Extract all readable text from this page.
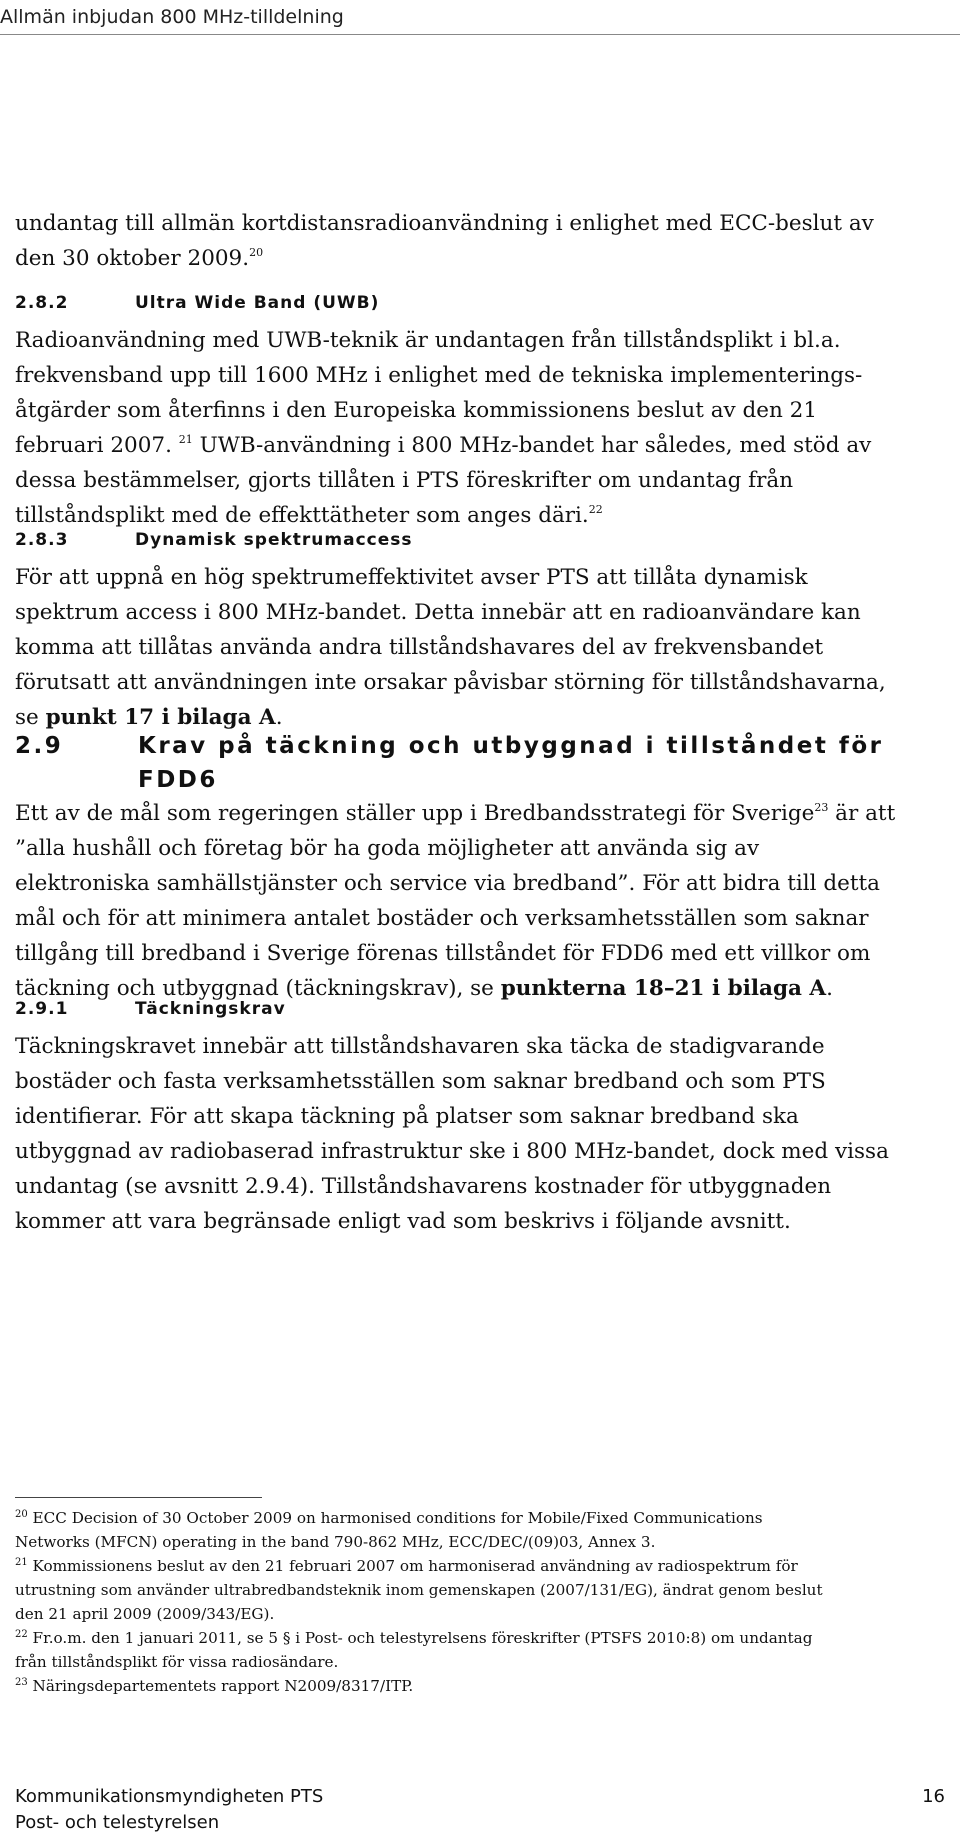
Allmän inbjudan 800 MHz-tilldelning
undantag till allmän kortdistansradioanvändning i enlighet med ECC-beslut av
den 30 oktober 2009.20
2.8.2	Ultra Wide Band (UWB)
Radioanvändning med UWB-teknik är undantagen från tillståndsplikt i bl.a.
frekvensband upp till 1600 MHz i enlighet med de tekniska implementerings-
åtgärder som återfinns i den Europeiska kommissionens beslut av den 21
februari 2007. $^{21}$ UWB-användning i 800 MHz-bandet har således, med stöd av
dessa bestämmelser, gjorts tillåten i PTS föreskrifter om undantag från
tillståndsplikt med de effekttätheter som anges däri.$^{22}$
2.8.3	Dynamisk spektrumaccess
För att uppnå en hög spektrumeffektivitet avser PTS att tillåta dynamisk
spektrum access i 800 MHz-bandet. Detta innebär att en radioanvändare kan
komma att tillåtas använda andra tillståndshavares del av frekvensbandet
förutsatt att användningen inte orsakar påvisbar störning för tillståndshavarna,
se punkt 17 i bilaga A.
2.9	Krav på täckning och utbyggnad i tillståndet för
FDD6
Ett av de mål som regeringen ställer upp i Bredbandsstrategi för Sverige$^{23}$ är att
”alla hushåll och företag bör ha goda möjligheter att använda sig av
elektroniska samhällstjänster och service via bredband”. För att bidra till detta
mål och för att minimera antalet bostäder och verksamhetsställen som saknar
tillgång till bredband i Sverige förenas tillståndet för FDD6 med ett villkor om
täckning och utbyggnad (täckningskrav), se punkterna 18–21 i bilaga A.
2.9.1	Täckningskrav
Täckningskravet innebär att tillståndshavaren ska täcka de stadigvarande
bostäder och fasta verksamhetsställen som saknar bredband och som PTS
identifierar. För att skapa täckning på platser som saknar bredband ska
utbyggnad av radiobaserad infrastruktur ske i 800 MHz-bandet, dock med vissa
undantag (se avsnitt 2.9.4). Tillståndshavarens kostnader för utbyggnaden
kommer att vara begränsade enligt vad som beskrivs i följande avsnitt.
$^{20}$ ECC Decision of 30 October 2009 on harmonised conditions for Mobile/Fixed Communications
Networks (MFCN) operating in the band 790-862 MHz, ECC/DEC/(09)03, Annex 3.
$^{21}$ Kommissionens beslut av den 21 februari 2007 om harmoniserad användning av radiospektrum för
utrustning som använder ultrabredbandsteknik inom gemenskapen (2007/131/EG), ändrat genom beslut
den 21 april 2009 (2009/343/EG).
$^{22}$ Fr.o.m. den 1 januari 2011, se 5 § i Post- och telestyrelsens föreskrifter (PTSFS 2010:8) om undantag
från tillståndsplikt för vissa radiosändare.
$^{23}$ Näringsdepartementets rapport N2009/8317/ITP.
Kommunikationsmyndigheten PTS	16
Post- och telestyrelsen
